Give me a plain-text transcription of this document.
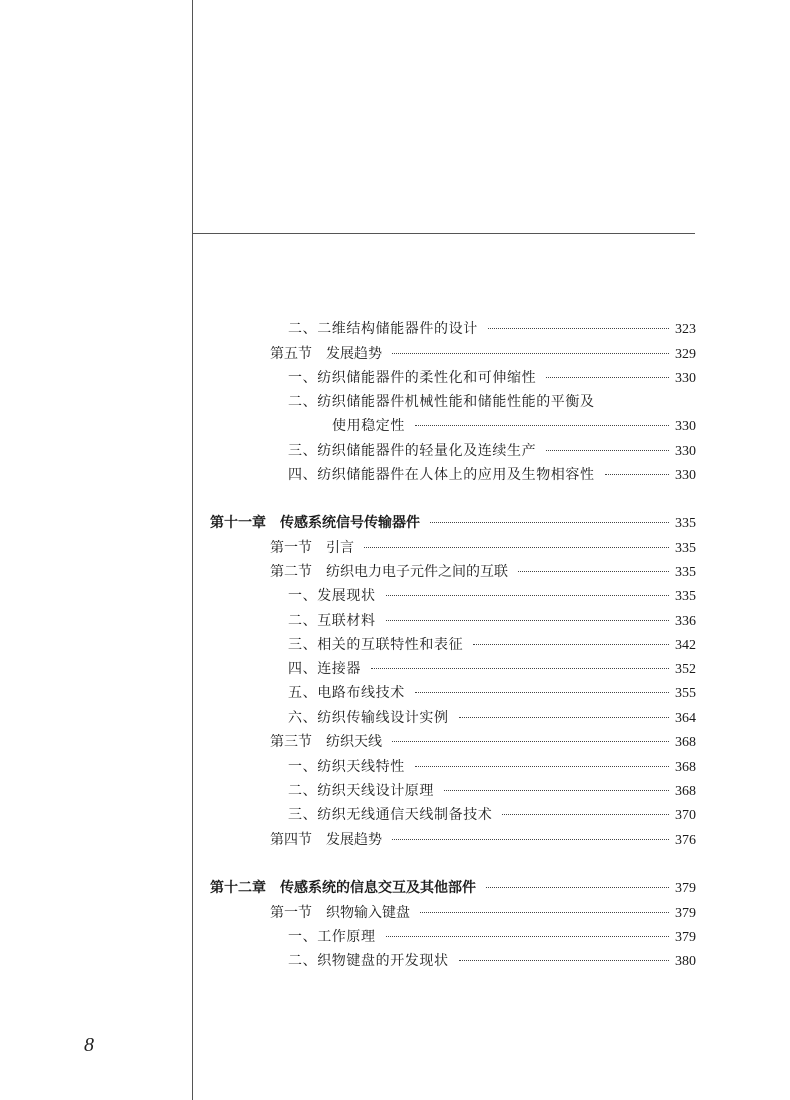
二、二维结构储能器件的设计	323
第五节 发展趋势	329
一、纺织储能器件的柔性化和可伸缩性	330
二、纺织储能器件机械性能和储能性能的平衡及
使用稳定性	330
三、纺织储能器件的轻量化及连续生产	330
四、纺织储能器件在人体上的应用及生物相容性	330
第十一章 传感系统信号传输器件	335
第一节 引言	335
第二节 纺织电力电子元件之间的互联	335
一、发展现状	335
二、互联材料	336
三、相关的互联特性和表征	342
四、连接器	352
五、电路布线技术	355
六、纺织传输线设计实例	364
第三节 纺织天线	368
一、纺织天线特性	368
二、纺织天线设计原理	368
三、纺织无线通信天线制备技术	370
第四节 发展趋势	376
第十二章 传感系统的信息交互及其他部件	379
第一节 织物输入键盘	379
一、工作原理	379
二、织物键盘的开发现状	380
8
